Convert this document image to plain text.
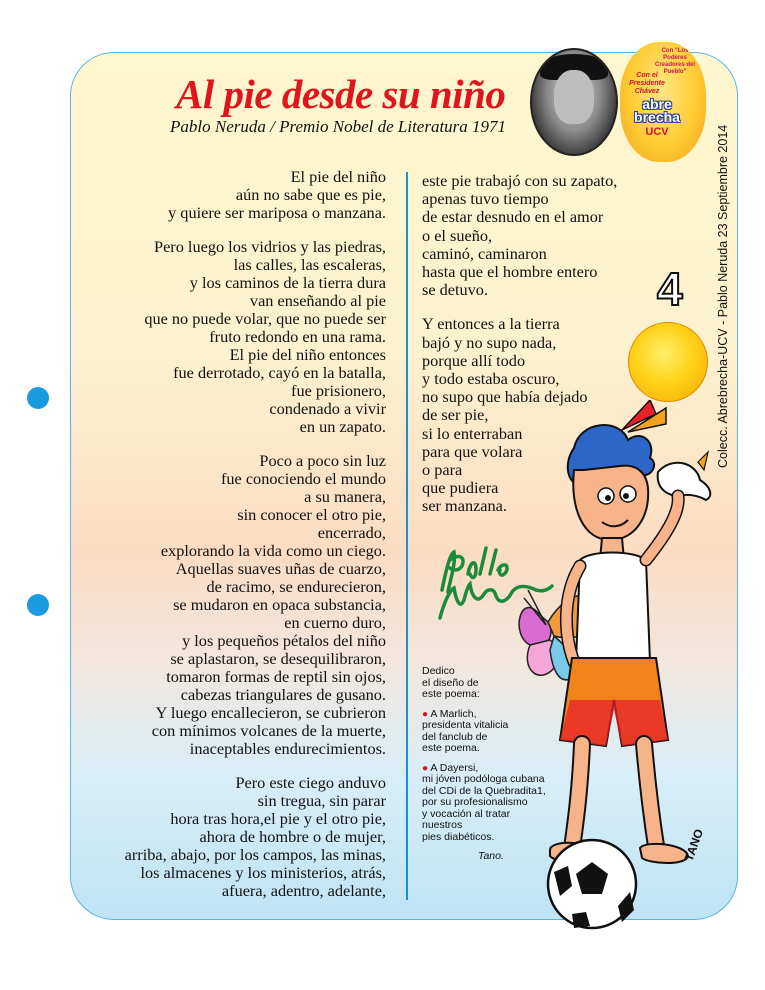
Al pie desde su niño
Pablo Neruda / Premio Nobel de Literatura 1971
Con "Los Poderes Creadores del Pueblo"
Con el Presidente Chávez
abre brecha
UCV	Colecc. Abrebrecha-UCV - Pablo Neruda 23 Septiembre 2014
4
El pie del niño
aún no sabe que es pie,
y quiere ser mariposa o manzana.
Pero luego los vidrios y las piedras,
las calles, las escaleras,
y los caminos de la tierra dura
van enseñando al pie
que no puede volar, que no puede ser
fruto redondo en una rama.
El pie del niño entonces
fue derrotado, cayó en la batalla,
fue prisionero,
condenado a vivir
en un zapato.
Poco a poco sin luz
fue conociendo el mundo
a su manera,
sin conocer el otro pie,
encerrado,
explorando la vida como un ciego.
Aquellas suaves uñas de cuarzo,
de racimo, se endurecieron,
se mudaron en opaca substancia,
en cuerno duro,
y los pequeños pétalos del niño
se aplastaron, se desequilibraron,
tomaron formas de reptil sin ojos,
cabezas triangulares de gusano.
Y luego encallecieron, se cubrieron
con mínimos volcanes de la muerte,
inaceptables endurecimientos.
Pero este ciego anduvo
sin tregua, sin parar
hora tras hora,el pie y el otro pie,
ahora de hombre o de mujer,
arriba, abajo, por los campos, las minas,
los almacenes y los ministerios, atrás,
afuera, adentro, adelante,
este pie trabajó con su zapato,
apenas tuvo tiempo
de estar desnudo en el amor
o el sueño,
caminó, caminaron
hasta que el hombre entero
se detuvo.
Y entonces a la tierra
bajó y no supo nada,
porque allí todo
y todo estaba oscuro,
no supo que había dejado
de ser pie,
si lo enterraban
para que volara
o para
que pudiera
ser manzana.
Dedico
el diseño de
este poema:
● A Marlich,
presidenta vitalicia
del fanclub de
este poema.
● A Dayersi,
mi jóven podóloga cubana
del CDi de la Quebradita1,
por su profesionalismo
y vocación al tratar
nuestros
pies diabéticos.
Tano.	TANO
